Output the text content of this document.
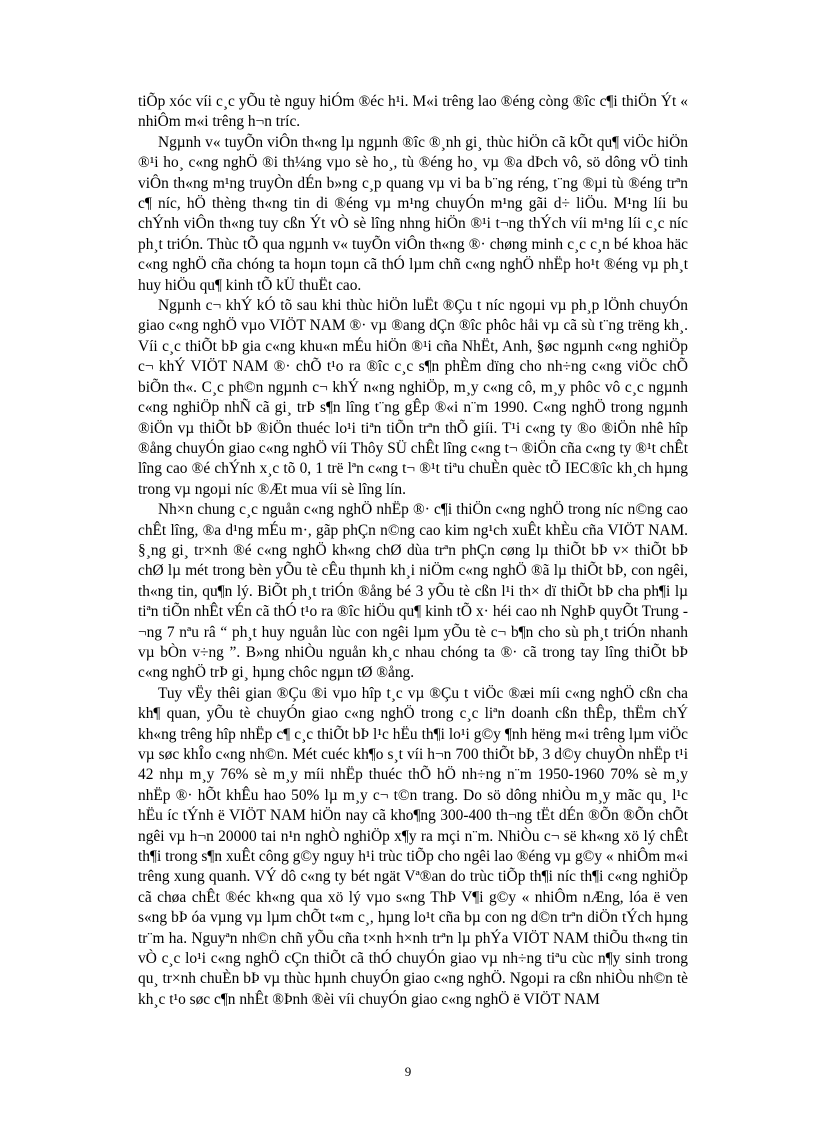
tiÕp xóc víi c¸c yÕu tè nguy hiÓm ®éc h¹i. M«i trêng lao ®éng còng ®îc c¶i thiÖn Ýt « nhiÔm m«i trêng h¬n tríc.

Ngµnh v« tuyÕn viÔn th«ng lµ ngµnh ®îc ®¸nh gi¸ thùc hiÖn cã kÕt qu¶ viÖc hiÖn ®¹i ho¸ c«ng nghÖ ®i th¼ng vµo sè ho¸, tù ®éng ho¸ vµ ®a dÞch vô, sö dông vÖ tinh viÔn th«ng m¹ng truyÒn dÉn b»ng c¸p quang vµ vi ba b¨ng réng, t¨ng ®µi tù ®éng trªn c¶ níc, hÖ thèng th«ng tin di ®éng vµ m¹ng chuyÓn m¹ng gãi d÷ liÖu. M¹ng líi bu chÝnh viÔn th«ng tuy cßn Ýt vÒ sè lîng nhng hiÖn ®¹i t¬ng thÝch víi m¹ng líi c¸c níc ph¸t triÓn. Thùc tÕ qua ngµnh v« tuyÕn viÔn th«ng ®· chøng minh c¸c c¸n bé khoa häc c«ng nghÖ cña chóng ta hoµn toµn cã thÓ lµm chñ c«ng nghÖ nhËp ho¹t ®éng vµ ph¸t huy hiÖu qu¶ kinh tÕ kÜ thuËt cao.

Ngµnh c¬ khÝ kÓ tõ sau khi thùc hiÖn luËt ®Çu t níc ngoµi vµ ph¸p lÖnh chuyÓn giao c«ng nghÖ vµo VIÖT NAM ®· vµ ®ang dÇn ®îc phôc håi vµ cã sù t¨ng trëng kh¸. Víi c¸c thiÕt bÞ gia c«ng khu«n mÉu hiÖn ®¹i cña NhËt, Anh, §øc ngµnh c«ng nghiÖp c¬ khÝ VIÖT NAM ®· chÕ t¹o ra ®îc c¸c s¶n phÈm dïng cho nh÷ng c«ng viÖc chÕ biÕn th«. C¸c ph©n ngµnh c¬ khÝ n«ng nghiÖp, m¸y c«ng cô, m¸y phôc vô c¸c ngµnh c«ng nghiÖp nhÑ cã gi¸ trÞ s¶n lîng t¨ng gÊp ®«i n¨m 1990. C«ng nghÖ trong ngµnh ®iÖn vµ thiÕt bÞ ®iÖn thuéc lo¹i tiªn tiÕn trªn thÕ giíi. T¹i c«ng ty ®o ®iÖn nhê hîp ®ång chuyÓn giao c«ng nghÖ víi Thôy SÜ chÊt lîng c«ng t¬ ®iÖn cña c«ng ty ®¹t chÊt lîng cao ®é chÝnh x¸c tõ 0, 1 trë lªn c«ng t¬ ®¹t tiªu chuÈn quèc tÕ IEC®îc kh¸ch hµng trong vµ ngoµi níc ®Æt mua víi sè lîng lín.

Nh×n chung c¸c nguån c«ng nghÖ nhËp ®· c¶i thiÖn c«ng nghÖ trong níc n©ng cao chÊt lîng, ®a d¹ng mÉu m·, gãp phÇn n©ng cao kim ng¹ch xuÊt khÈu cña VIÖT NAM. §¸ng gi¸ tr×nh ®é c«ng nghÖ kh«ng chØ dùa trªn phÇn cøng lµ thiÕt bÞ v× thiÕt bÞ chØ lµ mét trong bèn yÕu tè cÊu thµnh kh¸i niÖm c«ng nghÖ ®ã lµ thiÕt bÞ, con ngêi, th«ng tin, qu¶n lý. BiÕt ph¸t triÓn ®ång bé 3 yÕu tè cßn l¹i th× dï thiÕt bÞ cha ph¶i lµ tiªn tiÕn nhÊt vÉn cã thÓ t¹o ra ®îc hiÖu qu¶ kinh tÕ x· héi cao nh NghÞ quyÕt Trung ¬ng 7 nªu râ “ ph¸t huy nguån lùc con ngêi lµm yÕu tè c¬ b¶n cho sù ph¸t triÓn nhanh vµ bÒn v÷ng ”. B»ng nhiÒu nguån kh¸c nhau chóng ta ®· cã trong tay lîng thiÕt bÞ c«ng nghÖ trÞ gi¸ hµng chôc ngµn tØ ®ång.

Tuy vËy thêi gian ®Çu ®i vµo hîp t¸c vµ ®Çu t viÖc ®æi míi c«ng nghÖ cßn cha kh¶ quan, yÕu tè chuyÓn giao c«ng nghÖ trong c¸c liªn doanh cßn thÊp, thËm chÝ kh«ng trêng hîp nhËp c¶ c¸c thiÕt bÞ l¹c hËu th¶i lo¹i g©y ¶nh hëng m«i trêng lµm viÖc vµ søc khÎo c«ng nh©n. Mét cuéc kh¶o s¸t víi h¬n 700 thiÕt bÞ, 3 d©y chuyÒn nhËp t¹i 42 nhµ m¸y 76% sè m¸y míi nhËp thuéc thÕ hÖ nh÷ng n¨m 1950-1960 70% sè m¸y nhËp ®· hÕt khÊu hao 50% lµ m¸y c¬ t©n trang. Do sö dông nhiÒu m¸y mãc qu¸ l¹c hËu íc tÝnh ë VIÖT NAM hiÖn nay cã kho¶ng 300-400 th¬ng tËt dÉn ®Õn ®Õn chÕt ngêi vµ h¬n 20000 tai n¹n nghÒ nghiÖp x¶y ra mçi n¨m. NhiÒu c¬ së kh«ng xö lý chÊt th¶i trong s¶n xuÊt công g©y nguy h¹i trùc tiÕp cho ngêi lao ®éng vµ g©y « nhiÔm m«i trêng xung quanh. VÝ dô c«ng ty bét ngät Vª®an do trùc tiÕp th¶i níc th¶i c«ng nghiÖp cã chøa chÊt ®éc kh«ng qua xö lý vµo s«ng ThÞ V¶i g©y « nhiÔm nÆng, lóa ë ven s«ng bÞ óa vµng vµ lµm chÕt t«m c¸, hµng lo¹t cña bµ con ng d©n trªn diÖn tÝch hµng tr¨m ha. Nguyªn nh©n chñ yÕu cña t×nh h×nh trªn lµ phÝa VIÖT NAM thiÕu th«ng tin vÒ c¸c lo¹i c«ng nghÖ cÇn thiÕt cã thÓ chuyÓn giao vµ nh÷ng tiªu cùc n¶y sinh trong qu¸ tr×nh chuÈn bÞ vµ thùc hµnh chuyÓn giao c«ng nghÖ. Ngoµi ra cßn nhiÒu nh©n tè kh¸c t¹o søc c¶n nhÊt ®Þnh ®èi víi chuyÓn giao c«ng nghÖ ë VIÖT NAM

9
